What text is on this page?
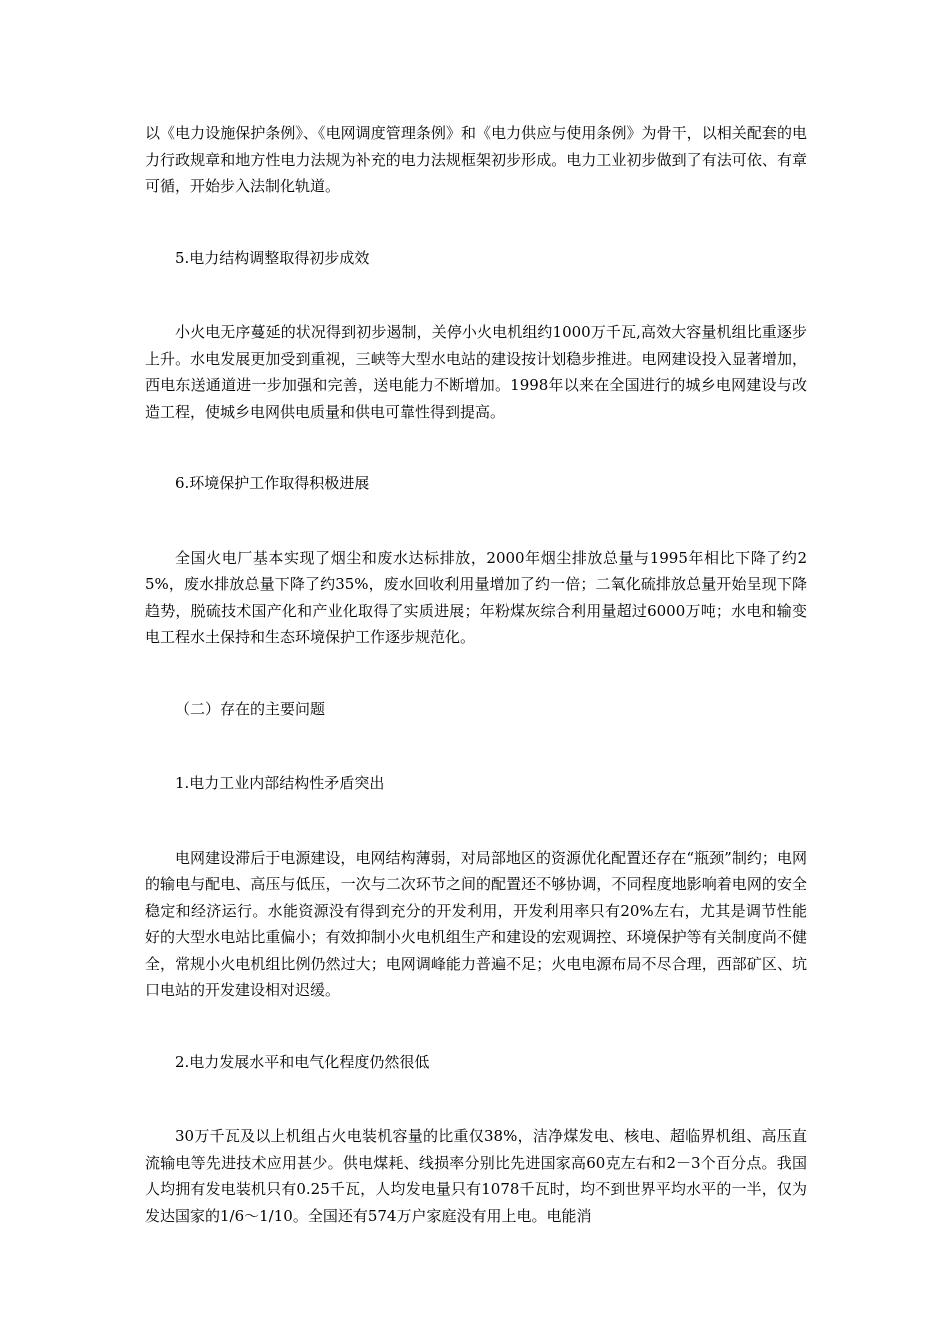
以《电力设施保护条例》、《电网调度管理条例》和《电力供应与使用条例》为骨干，以相关配套的电力行政规章和地方性电力法规为补充的电力法规框架初步形成。电力工业初步做到了有法可依、有章可循，开始步入法制化轨道。

5.电力结构调整取得初步成效

小火电无序蔓延的状况得到初步遏制，关停小火电机组约1000万千瓦,高效大容量机组比重逐步上升。水电发展更加受到重视，三峡等大型水电站的建设按计划稳步推进。电网建设投入显著增加，西电东送通道进一步加强和完善，送电能力不断增加。1998年以来在全国进行的城乡电网建设与改造工程，使城乡电网供电质量和供电可靠性得到提高。

6.环境保护工作取得积极进展

全国火电厂基本实现了烟尘和废水达标排放，2000年烟尘排放总量与1995年相比下降了约25%，废水排放总量下降了约35%，废水回收利用量增加了约一倍；二氧化硫排放总量开始呈现下降趋势，脱硫技术国产化和产业化取得了实质进展；年粉煤灰综合利用量超过6000万吨；水电和输变电工程水土保持和生态环境保护工作逐步规范化。

（二）存在的主要问题

1.电力工业内部结构性矛盾突出

电网建设滞后于电源建设，电网结构薄弱，对局部地区的资源优化配置还存在“瓶颈”制约；电网的输电与配电、高压与低压，一次与二次环节之间的配置还不够协调，不同程度地影响着电网的安全稳定和经济运行。水能资源没有得到充分的开发利用，开发利用率只有20%左右，尤其是调节性能好的大型水电站比重偏小；有效抑制小火电机组生产和建设的宏观调控、环境保护等有关制度尚不健全，常规小火电机组比例仍然过大；电网调峰能力普遍不足；火电电源布局不尽合理，西部矿区、坑口电站的开发建设相对迟缓。

2.电力发展水平和电气化程度仍然很低

30万千瓦及以上机组占火电装机容量的比重仅38%，洁净煤发电、核电、超临界机组、高压直流输电等先进技术应用甚少。供电煤耗、线损率分别比先进国家高60克左右和2－3个百分点。我国人均拥有发电装机只有0.25千瓦，人均发电量只有1078千瓦时，均不到世界平均水平的一半，仅为发达国家的1/6～1/10。全国还有574万户家庭没有用上电。电能消
